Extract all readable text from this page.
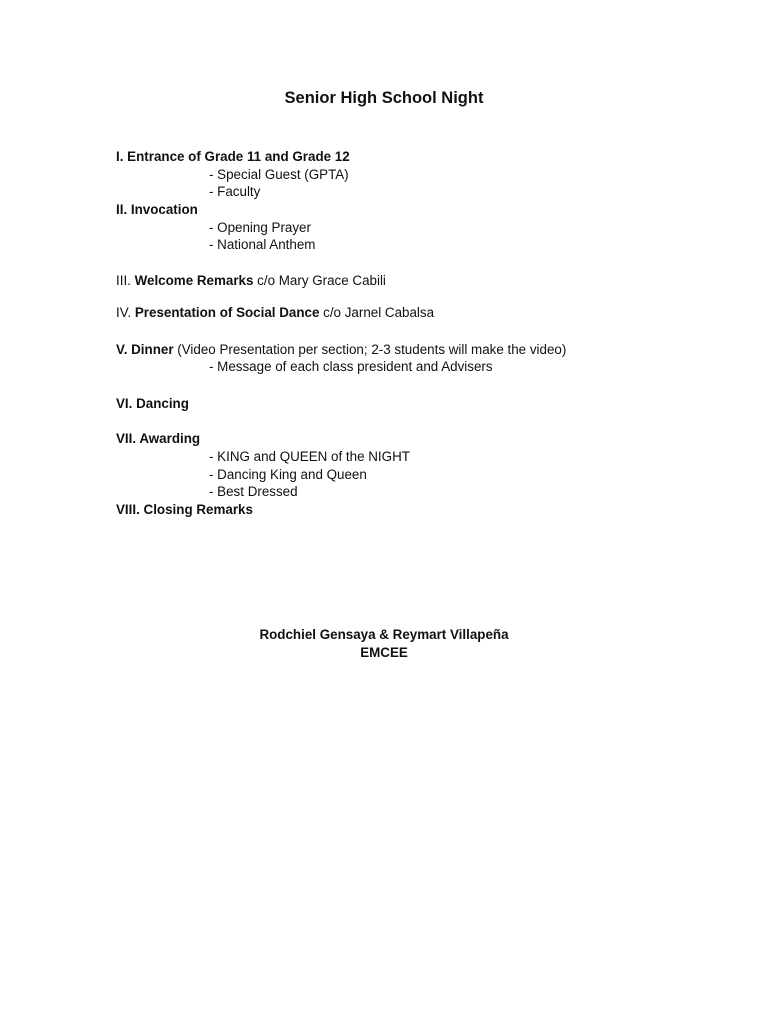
Senior High School Night
I. Entrance of Grade 11 and Grade 12
- Special Guest (GPTA)
- Faculty
II. Invocation
- Opening Prayer
- National Anthem
III. Welcome Remarks c/o Mary Grace Cabili
IV. Presentation of Social Dance c/o Jarnel Cabalsa
V. Dinner (Video Presentation per section; 2-3 students will make the video)
- Message of each class president and Advisers
VI. Dancing
VII. Awarding
- KING and QUEEN of the NIGHT
- Dancing King and Queen
- Best Dressed
VIII. Closing Remarks
Rodchiel Gensaya & Reymart Villapeña
EMCEE
